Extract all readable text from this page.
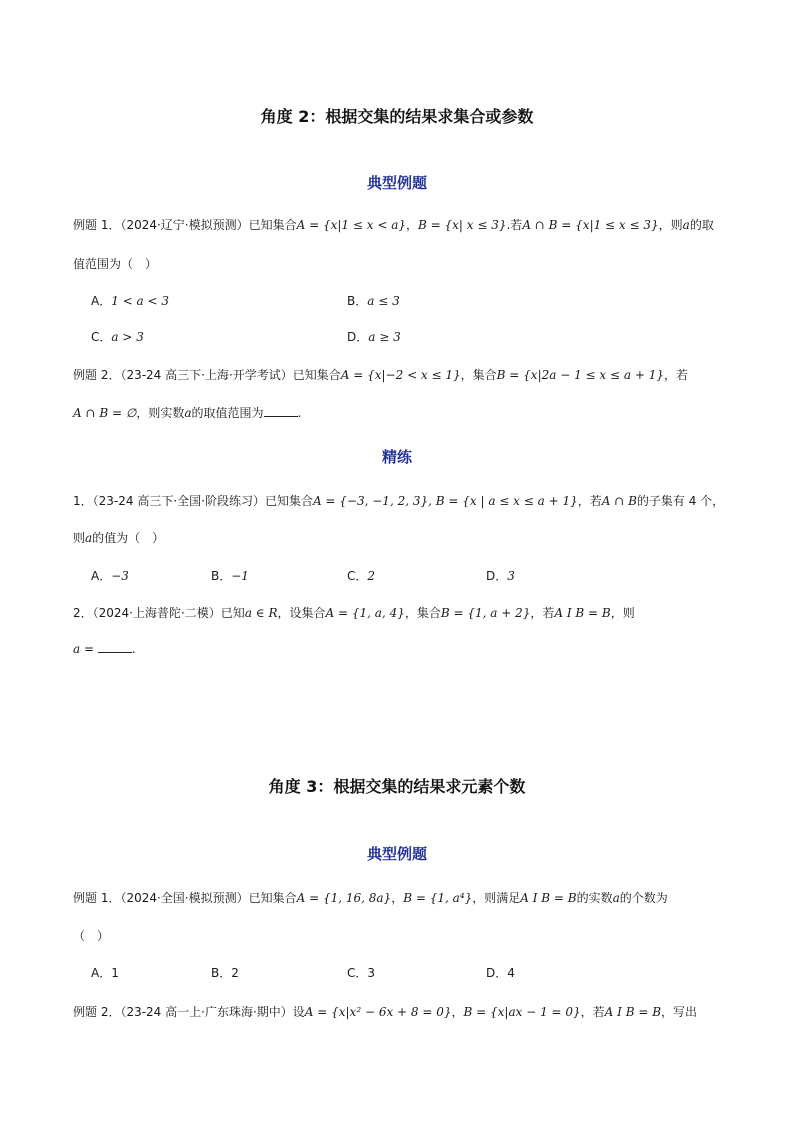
角度 2：根据交集的结果求集合或参数
典型例题
例题 1．（2024·辽宁·模拟预测）已知集合A = {x|1 ≤ x < a}，B = {x| x ≤ 3}.若A ∩ B = {x|1 ≤ x ≤ 3}，则a的取
值范围为（　）
A．1 < a < 3	B．a ≤ 3
C．a > 3	D．a ≥ 3
例题 2．（23-24 高三下·上海·开学考试）已知集合A = {x|−2 < x ≤ 1}，集合B = {x|2a − 1 ≤ x ≤ a + 1}，若
A ∩ B = ∅，则实数a的取值范围为	.
精练
1．（23-24 高三下·全国·阶段练习）已知集合A = {−3, −1, 2, 3}, B = {x | a ≤ x ≤ a + 1}，若A ∩ B的子集有 4 个，
则a的值为（　）
A．−3	B．−1	C．2	D．3
2．（2024·上海普陀·二模）已知a ∈ R，设集合A = {1, a, 4}，集合B = {1, a + 2}，若A I B = B，则
a =	.
角度 3：根据交集的结果求元素个数
典型例题
例题 1．（2024·全国·模拟预测）已知集合A = {1, 16, 8a}，B = {1, a⁴}，则满足A I B = B的实数a的个数为
（　）
A．1	B．2	C．3	D．4
例题 2．（23-24 高一上·广东珠海·期中）设A = {x|x² − 6x + 8 = 0}，B = {x|ax − 1 = 0}，若A I B = B，写出
